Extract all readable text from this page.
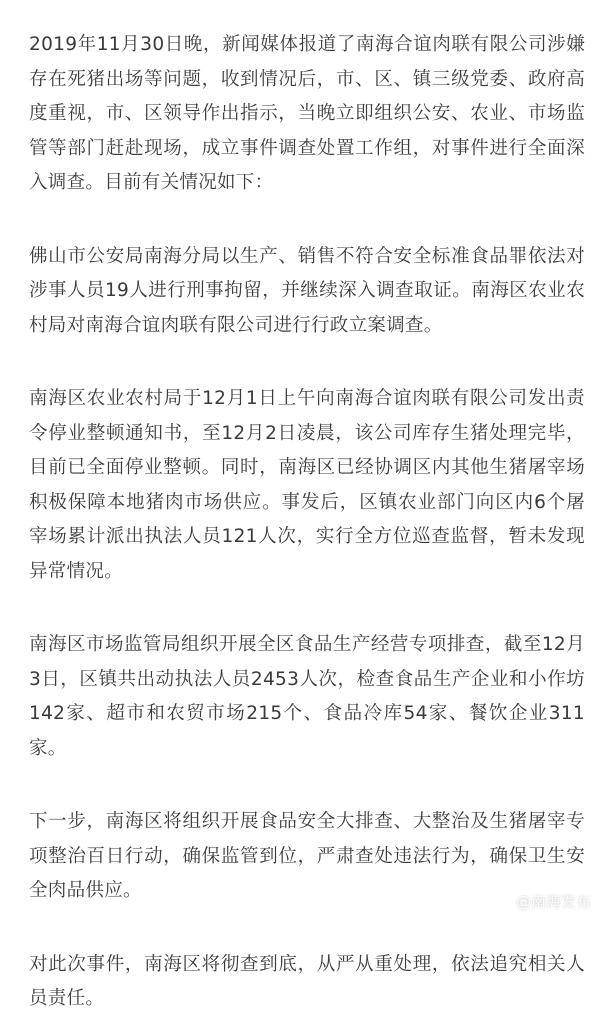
2019年11月30日晚，新闻媒体报道了南海合谊肉联有限公司涉嫌存在死猪出场等问题，收到情况后，市、区、镇三级党委、政府高度重视，市、区领导作出指示，当晚立即组织公安、农业、市场监管等部门赶赴现场，成立事件调查处置工作组，对事件进行全面深入调查。目前有关情况如下：

佛山市公安局南海分局以生产、销售不符合安全标准食品罪依法对涉事人员19人进行刑事拘留，并继续深入调查取证。南海区农业农村局对南海合谊肉联有限公司进行行政立案调查。

南海区农业农村局于12月1日上午向南海合谊肉联有限公司发出责令停业整顿通知书，至12月2日凌晨，该公司库存生猪处理完毕，目前已全面停业整顿。同时，南海区已经协调区内其他生猪屠宰场积极保障本地猪肉市场供应。事发后，区镇农业部门向区内6个屠宰场累计派出执法人员121人次，实行全方位巡查监督，暂未发现异常情况。

南海区市场监管局组织开展全区食品生产经营专项排查，截至12月3日，区镇共出动执法人员2453人次，检查食品生产企业和小作坊142家、超市和农贸市场215个、食品冷库54家、餐饮企业311家。

下一步，南海区将组织开展食品安全大排查、大整治及生猪屠宰专项整治百日行动，确保监管到位，严肃查处违法行为，确保卫生安全肉品供应。

对此次事件，南海区将彻查到底，从严从重处理，依法追究相关人员责任。

@南海发布
